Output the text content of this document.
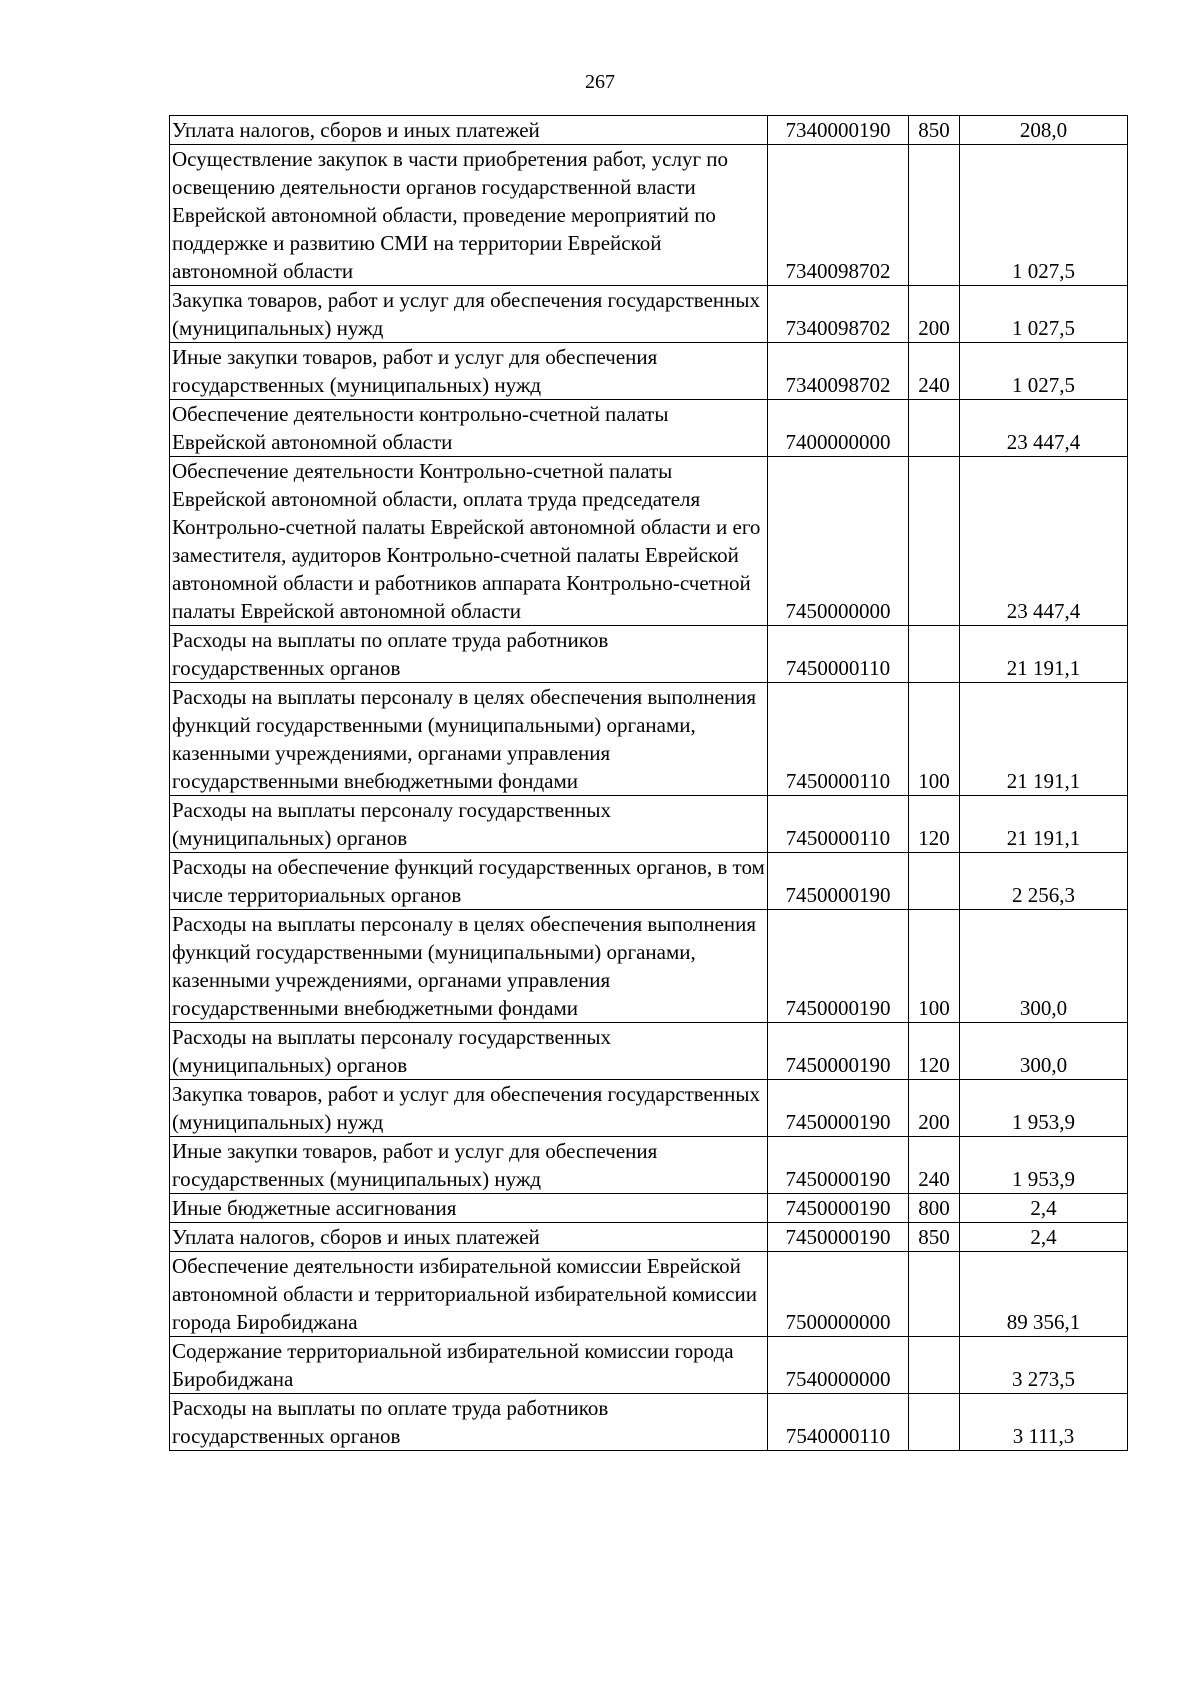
267
Уплата налогов, сборов и иных платежей	7340000190	850	208,0
Осуществление закупок в части приобретения работ, услуг по освещению деятельности органов государственной власти Еврейской автономной области, проведение мероприятий по поддержке и развитию СМИ на территории Еврейской автономной области	7340098702		1 027,5
Закупка товаров, работ и услуг для обеспечения государственных (муниципальных) нужд	7340098702	200	1 027,5
Иные закупки товаров, работ и услуг для обеспечения государственных (муниципальных) нужд	7340098702	240	1 027,5
Обеспечение деятельности контрольно-счетной палаты Еврейской автономной области	7400000000		23 447,4
Обеспечение деятельности Контрольно-счетной палаты Еврейской автономной области, оплата труда председателя Контрольно-счетной палаты Еврейской автономной области и его заместителя, аудиторов Контрольно-счетной палаты Еврейской автономной области и работников аппарата Контрольно-счетной палаты Еврейской автономной области	7450000000		23 447,4
Расходы на выплаты по оплате труда работников государственных органов	7450000110		21 191,1
Расходы на выплаты персоналу в целях обеспечения выполнения функций государственными (муниципальными) органами, казенными учреждениями, органами управления государственными внебюджетными фондами	7450000110	100	21 191,1
Расходы на выплаты персоналу государственных (муниципальных) органов	7450000110	120	21 191,1
Расходы на обеспечение функций государственных органов, в том числе территориальных органов	7450000190		2 256,3
Расходы на выплаты персоналу в целях обеспечения выполнения функций государственными (муниципальными) органами, казенными учреждениями, органами управления государственными внебюджетными фондами	7450000190	100	300,0
Расходы на выплаты персоналу государственных (муниципальных) органов	7450000190	120	300,0
Закупка товаров, работ и услуг для обеспечения государственных (муниципальных) нужд	7450000190	200	1 953,9
Иные закупки товаров, работ и услуг для обеспечения государственных (муниципальных) нужд	7450000190	240	1 953,9
Иные бюджетные ассигнования	7450000190	800	2,4
Уплата налогов, сборов и иных платежей	7450000190	850	2,4
Обеспечение деятельности избирательной комиссии Еврейской автономной области и территориальной избирательной комиссии города Биробиджана	7500000000		89 356,1
Содержание территориальной избирательной комиссии города Биробиджана	7540000000		3 273,5
Расходы на выплаты по оплате труда работников государственных органов	7540000110		3 111,3
